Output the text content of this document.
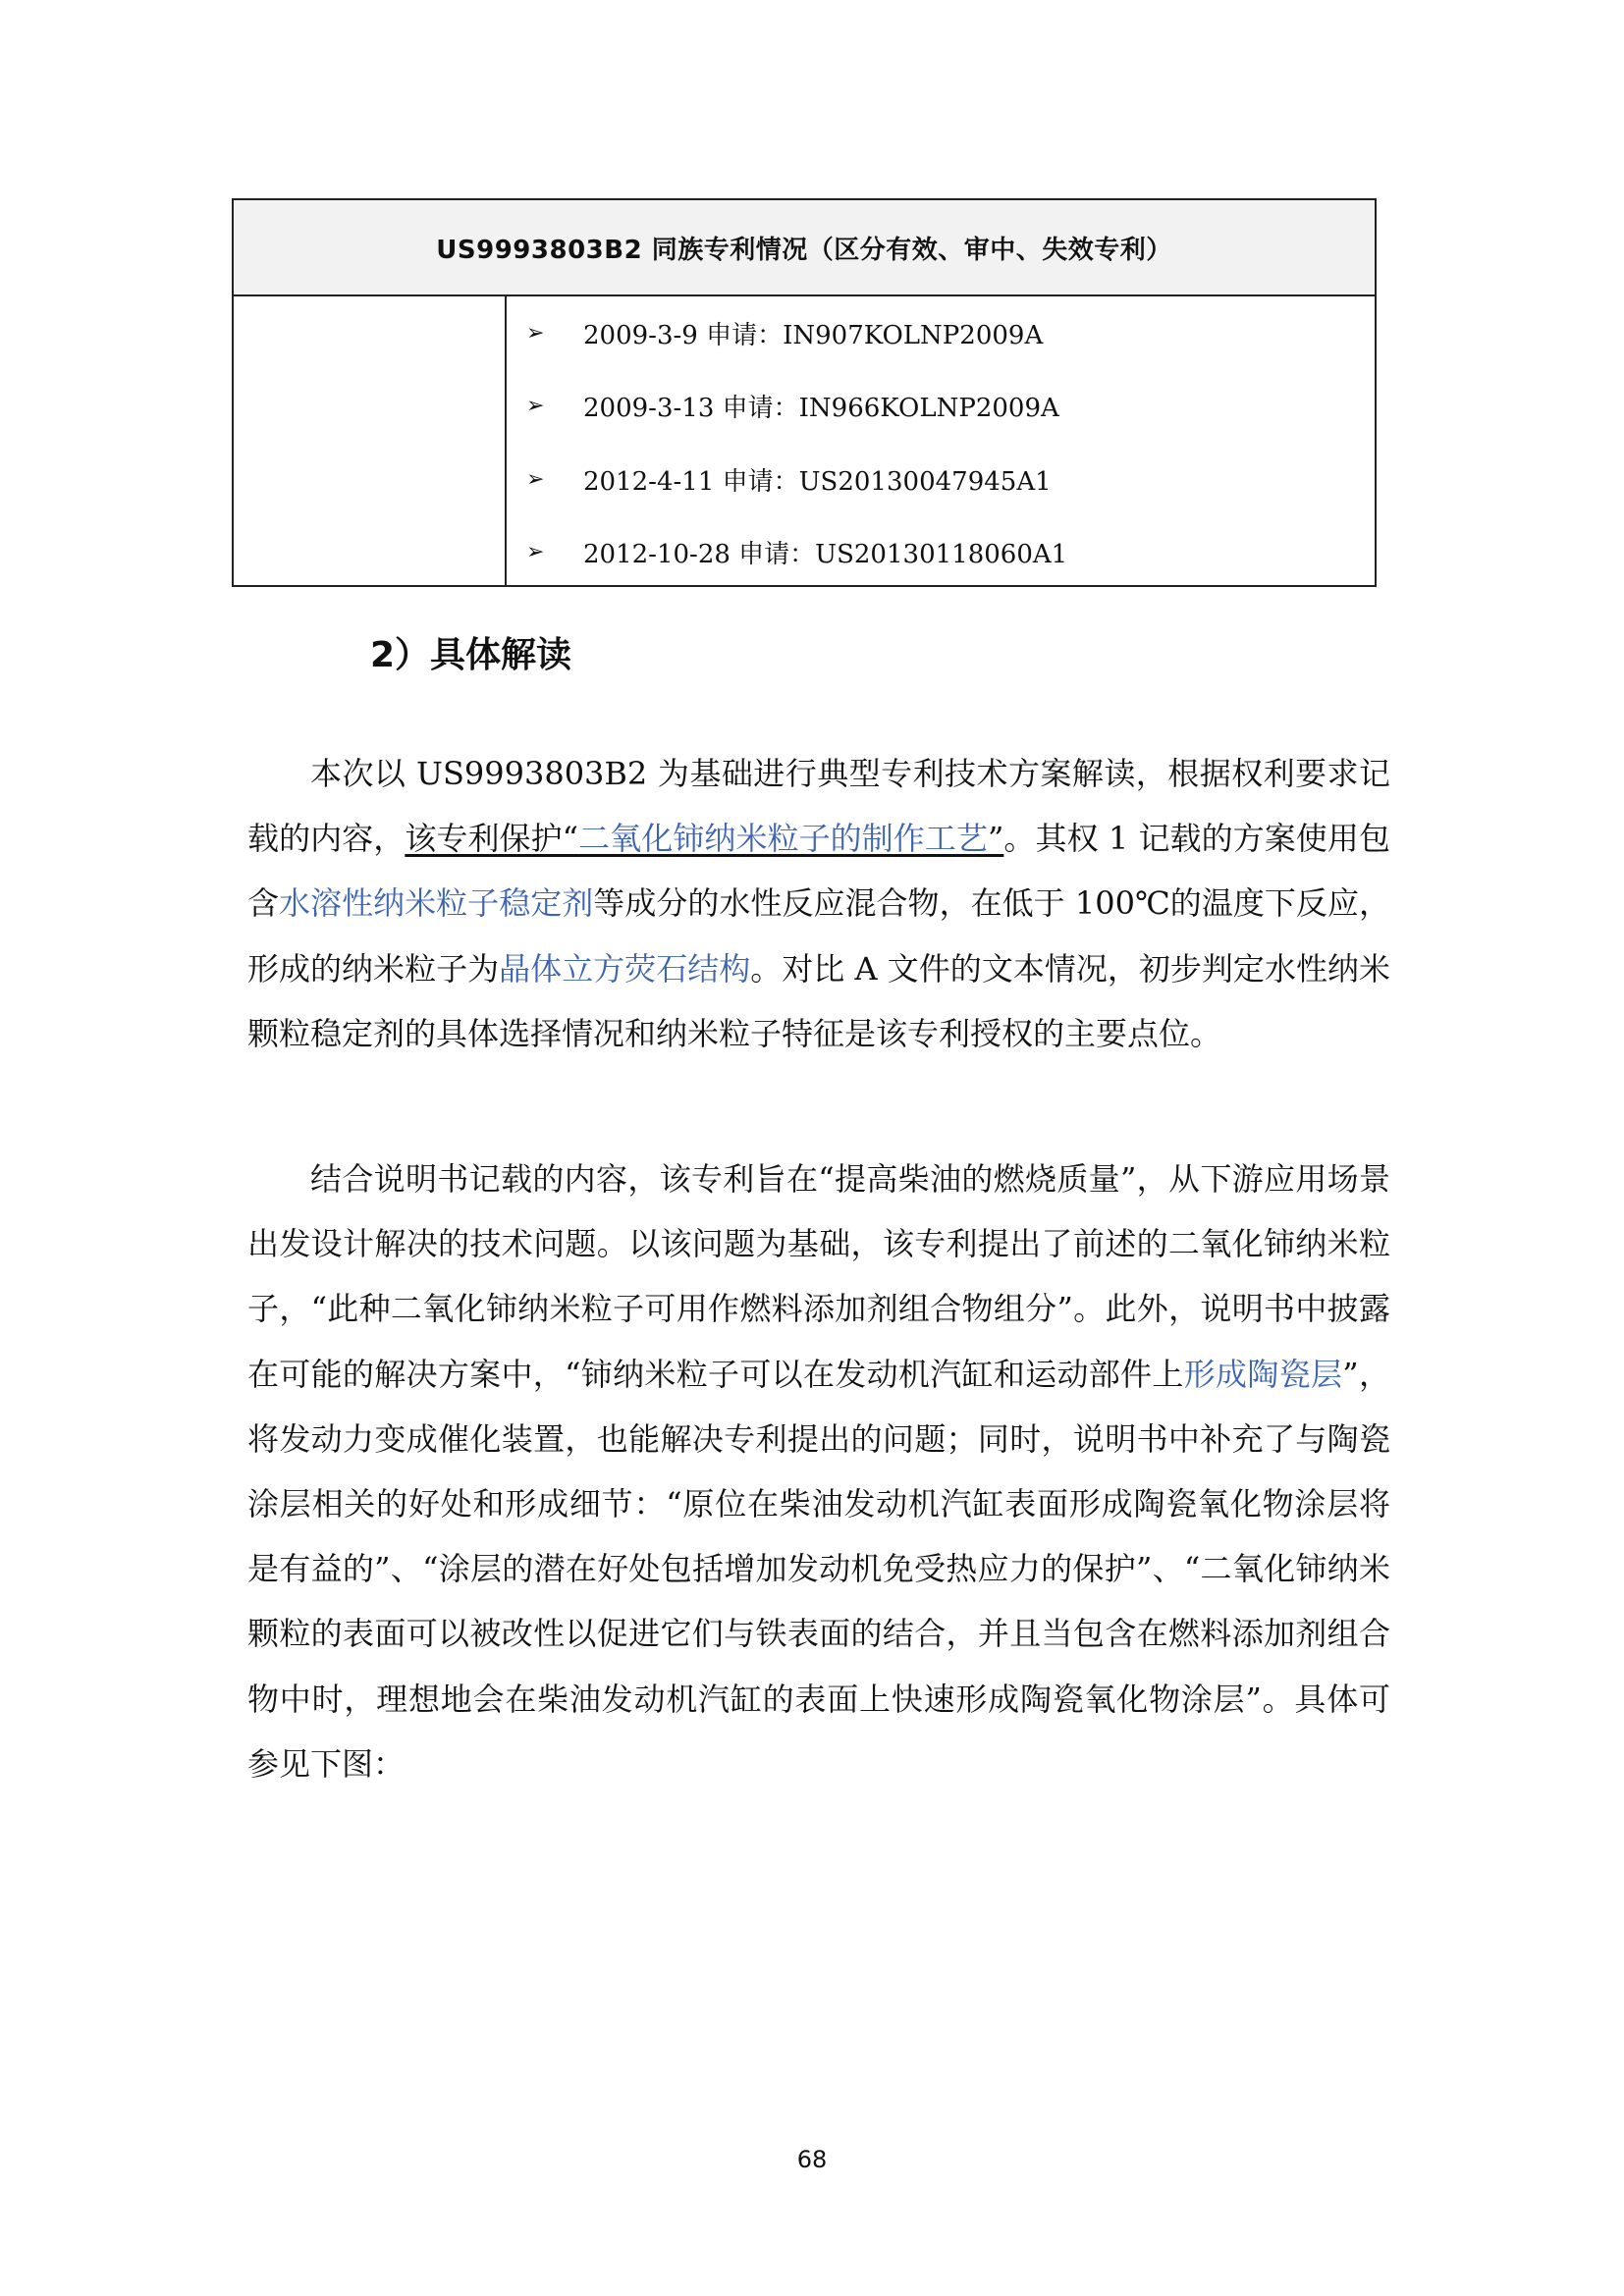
US9993803B2 同族专利情况（区分有效、审中、失效专利）
➢	2009-3-9 申请：IN907KOLNP2009A
➢	2009-3-13 申请：IN966KOLNP2009A
➢	2012-4-11 申请：US20130047945A1
➢	2012-10-28 申请：US20130118060A1
2）具体解读

本次以 US9993803B2 为基础进行典型专利技术方案解读，根据权利要求记载的内容，该专利保护“二氧化铈纳米粒子的制作工艺”。其权 1 记载的方案使用包含水溶性纳米粒子稳定剂等成分的水性反应混合物，在低于 100℃的温度下反应，形成的纳米粒子为晶体立方荧石结构。对比 A 文件的文本情况，初步判定水性纳米颗粒稳定剂的具体选择情况和纳米粒子特征是该专利授权的主要点位。

结合说明书记载的内容，该专利旨在“提高柴油的燃烧质量”，从下游应用场景出发设计解决的技术问题。以该问题为基础，该专利提出了前述的二氧化铈纳米粒子，“此种二氧化铈纳米粒子可用作燃料添加剂组合物组分”。此外，说明书中披露在可能的解决方案中，“铈纳米粒子可以在发动机汽缸和运动部件上形成陶瓷层”，将发动力变成催化装置，也能解决专利提出的问题；同时，说明书中补充了与陶瓷涂层相关的好处和形成细节：“原位在柴油发动机汽缸表面形成陶瓷氧化物涂层将是有益的”、“涂层的潜在好处包括增加发动机免受热应力的保护”、“二氧化铈纳米颗粒的表面可以被改性以促进它们与铁表面的结合，并且当包含在燃料添加剂组合物中时，理想地会在柴油发动机汽缸的表面上快速形成陶瓷氧化物涂层”。具体可参见下图：

68
